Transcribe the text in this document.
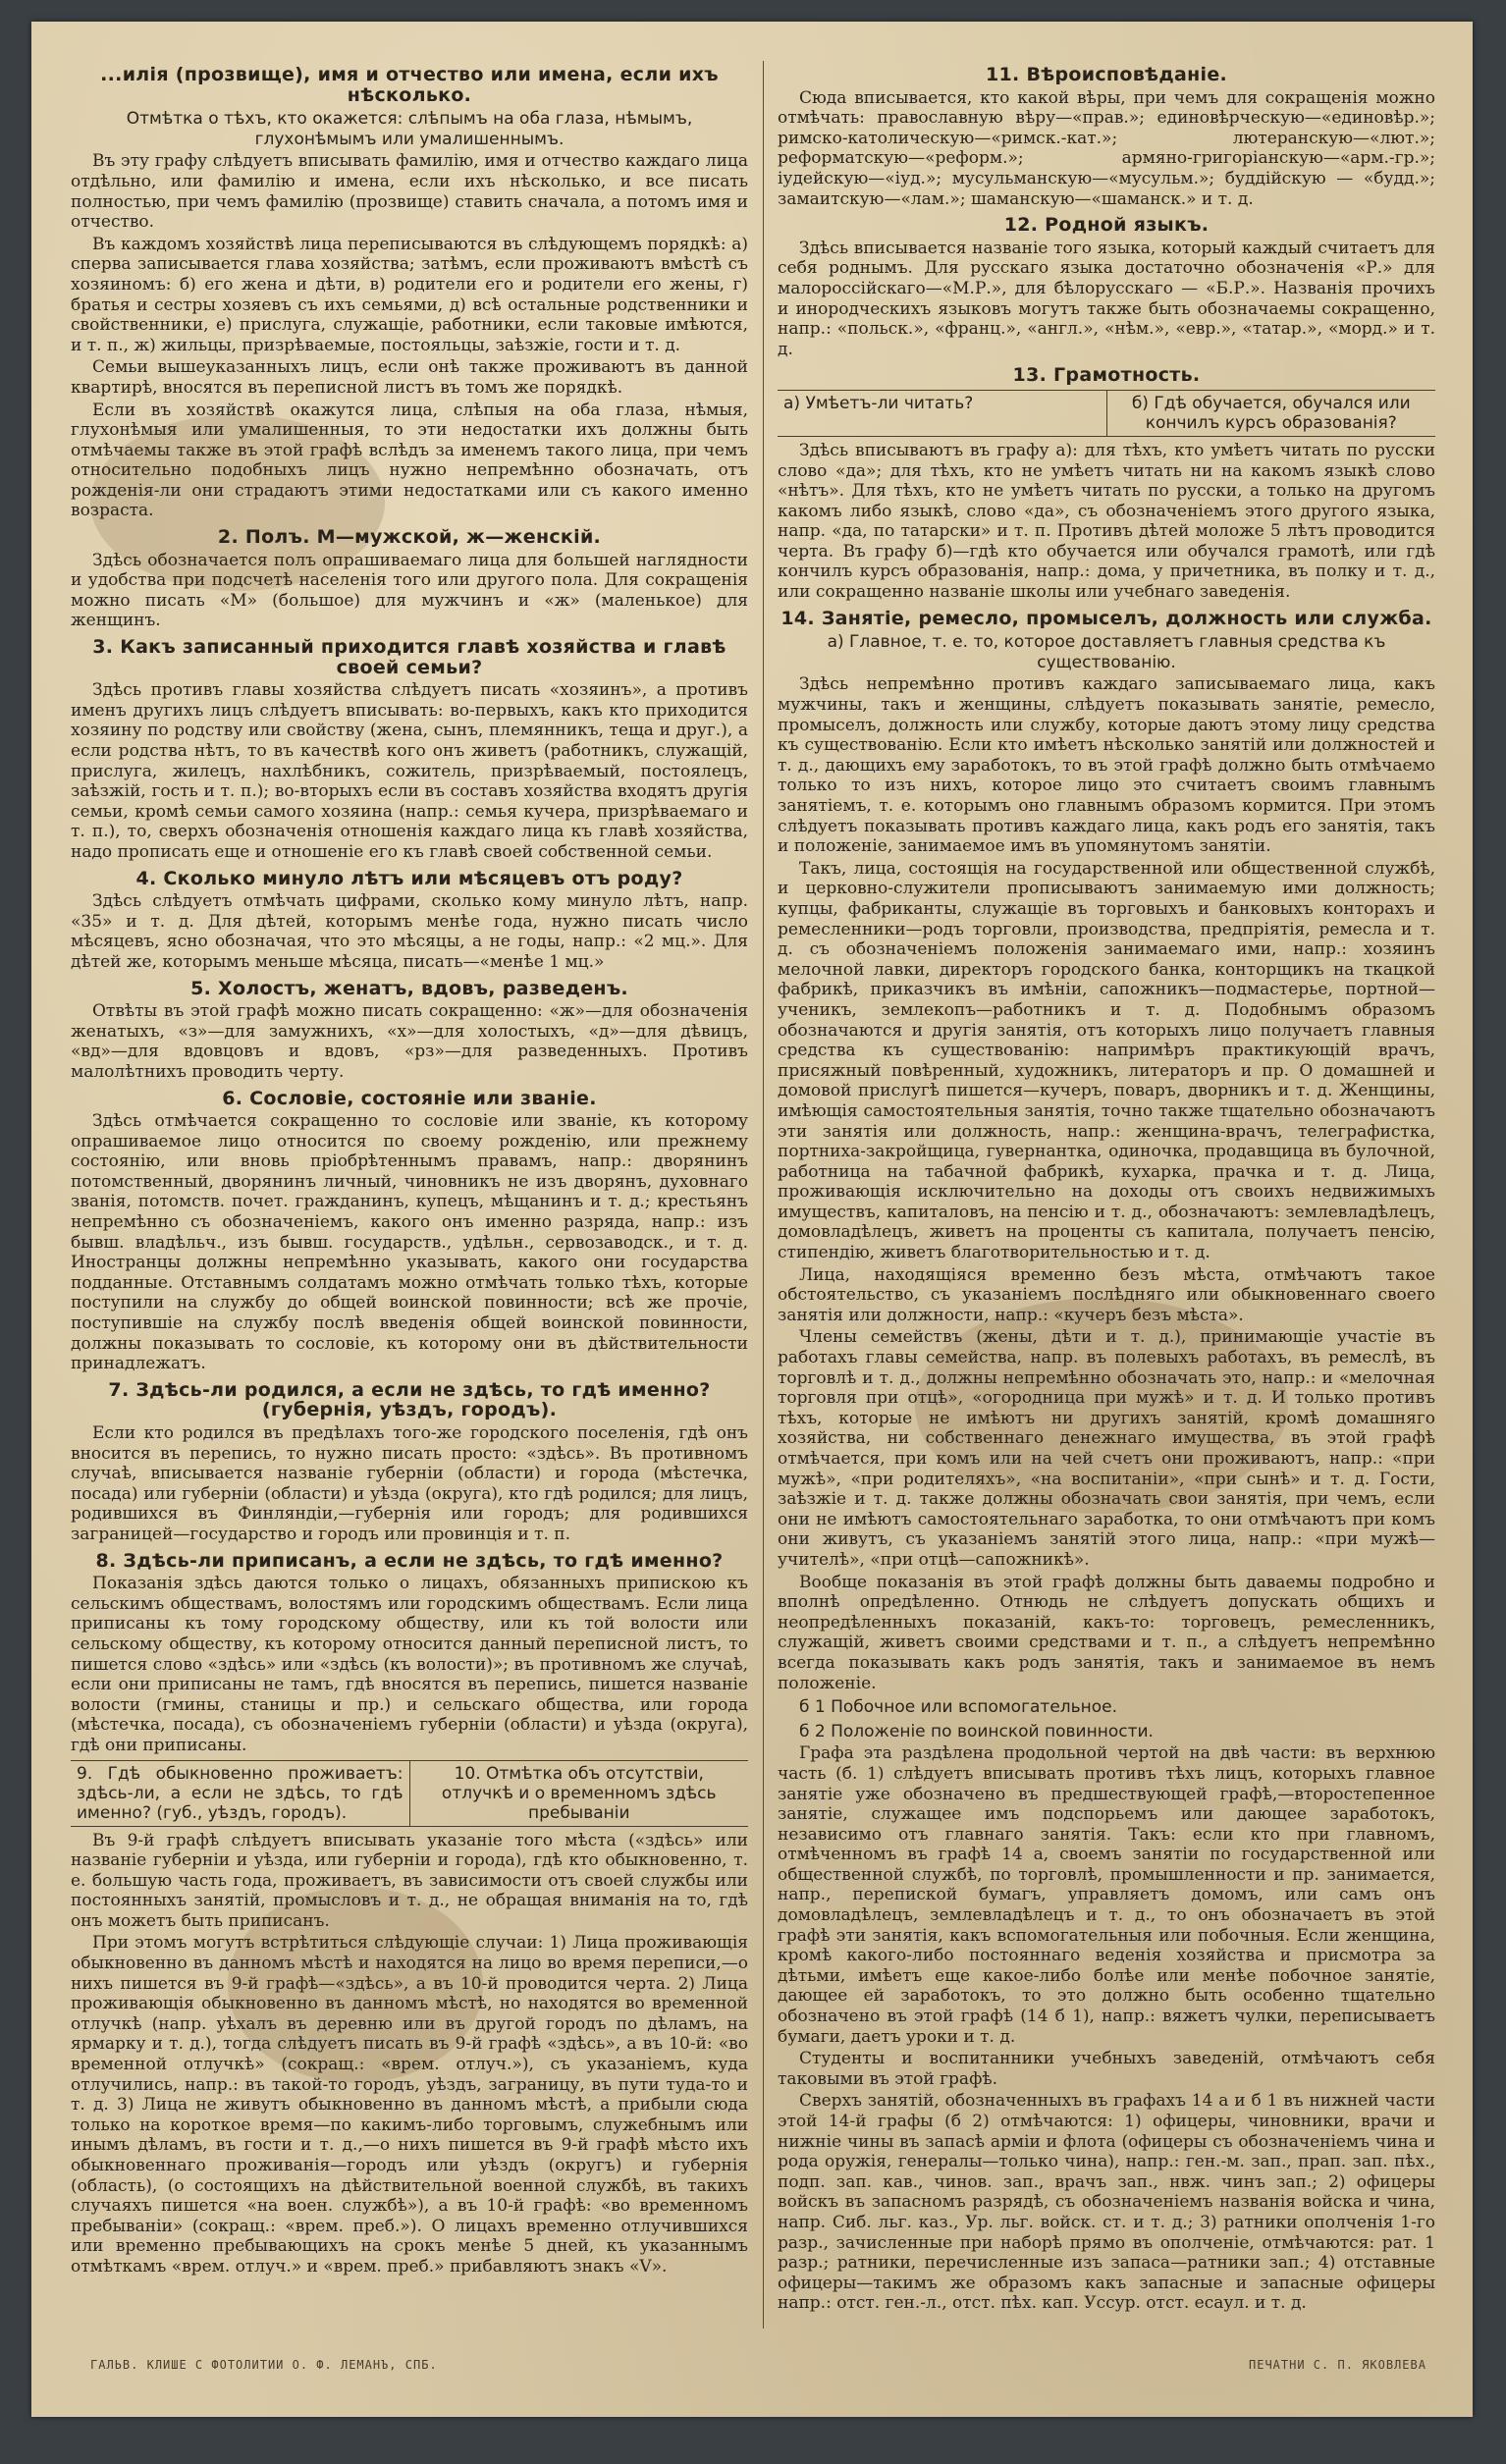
...илія (прозвище), имя и отчество или имена, если ихъ нѣсколько.

Отмѣтка о тѣхъ, кто окажется: слѣпымъ на оба глаза, нѣмымъ, глухонѣмымъ или умалишеннымъ.

Въ эту графу слѣдуетъ вписывать фамилію, имя и отчество каждаго лица отдѣльно, или фамилію и имена, если ихъ нѣсколько, и все писать полностью, при чемъ фамилію (прозвище) ставить сначала, а потомъ имя и отчество.

Въ каждомъ хозяйствѣ лица переписываются въ слѣдующемъ порядкѣ: а) сперва записывается глава хозяйства; затѣмъ, если проживаютъ вмѣстѣ съ хозяиномъ: б) его жена и дѣти, в) родители его и родители его жены, г) братья и сестры хозяевъ съ ихъ семьями, д) всѣ остальные родственники и свойственники, е) прислуга, служащіе, работники, если таковые имѣются, и т. п., ж) жильцы, призрѣваемые, постояльцы, заѣзжіе, гости и т. д.

Семьи вышеуказанныхъ лицъ, если онѣ также проживаютъ въ данной квартирѣ, вносятся въ переписной листъ въ томъ же порядкѣ.

Если въ хозяйствѣ окажутся лица, слѣпыя на оба глаза, нѣмыя, глухонѣмыя или умалишенныя, то эти недостатки ихъ должны быть отмѣчаемы также въ этой графѣ вслѣдъ за именемъ такого лица, при чемъ относительно подобныхъ лицъ нужно непремѣнно обозначать, отъ рожденія-ли они страдаютъ этими недостатками или съ какого именно возраста.

2. Полъ. М—мужской, ж—женскій.

Здѣсь обозначается полъ опрашиваемаго лица для большей наглядности и удобства при подсчетѣ населенія того или другого пола. Для сокращенія можно писать «М» (большое) для мужчинъ и «ж» (маленькое) для женщинъ.

3. Какъ записанный приходится главѣ хозяйства и главѣ своей семьи?

Здѣсь противъ главы хозяйства слѣдуетъ писать «хозяинъ», а противъ именъ другихъ лицъ слѣдуетъ вписывать: во-первыхъ, какъ кто приходится хозяину по родству или свойству (жена, сынъ, племянникъ, теща и друг.), а если родства нѣтъ, то въ качествѣ кого онъ живетъ (работникъ, служащій, прислуга, жилецъ, нахлѣбникъ, сожитель, призрѣваемый, постоялецъ, заѣзжій, гость и т. п.); во-вторыхъ если въ составъ хозяйства входятъ другія семьи, кромѣ семьи самого хозяина (напр.: семья кучера, призрѣваемаго и т. п.), то, сверхъ обозначенія отношенія каждаго лица къ главѣ хозяйства, надо прописать еще и отношеніе его къ главѣ своей собственной семьи.

4. Сколько минуло лѣтъ или мѣсяцевъ отъ роду?

Здѣсь слѣдуетъ отмѣчать цифрами, сколько кому минуло лѣтъ, напр. «35» и т. д. Для дѣтей, которымъ менѣе года, нужно писать число мѣсяцевъ, ясно обозначая, что это мѣсяцы, а не годы, напр.: «2 мц.». Для дѣтей же, которымъ меньше мѣсяца, писать—«менѣе 1 мц.»

5. Холостъ, женатъ, вдовъ, разведенъ.

Отвѣты въ этой графѣ можно писать сокращенно: «ж»—для обозначенія женатыхъ, «з»—для замужнихъ, «х»—для холостыхъ, «д»—для дѣвицъ, «вд»—для вдовцовъ и вдовъ, «рз»—для разведенныхъ. Противъ малолѣтнихъ проводить черту.

6. Сословіе, состояніе или званіе.

Здѣсь отмѣчается сокращенно то сословіе или званіе, къ которому опрашиваемое лицо относится по своему рожденію, или прежнему состоянію, или вновь пріобрѣтеннымъ правамъ, напр.: дворянинъ потомственный, дворянинъ личный, чиновникъ не изъ дворянъ, духовнаго званія, потомств. почет. гражданинъ, купецъ, мѣщанинъ и т. д.; крестьянъ непремѣнно съ обозначеніемъ, какого онъ именно разряда, напр.: изъ бывш. владѣльч., изъ бывш. государств., удѣльн., сервозаводск., и т. д. Иностранцы должны непремѣнно указывать, какого они государства подданные. Отставнымъ солдатамъ можно отмѣчать только тѣхъ, которые поступили на службу до общей воинской повинности; всѣ же прочіе, поступившіе на службу послѣ введенія общей воинской повинности, должны показывать то сословіе, къ которому они въ дѣйствительности принадлежатъ.

7. Здѣсь-ли родился, а если не здѣсь, то гдѣ именно? (губернія, уѣздъ, городъ).

Если кто родился въ предѣлахъ того-же городского поселенія, гдѣ онъ вносится въ перепись, то нужно писать просто: «здѣсь». Въ противномъ случаѣ, вписывается названіе губерніи (области) и города (мѣстечка, посада) или губерніи (области) и уѣзда (округа), кто гдѣ родился; для лицъ, родившихся въ Финляндіи,—губернія или городъ; для родившихся заграницей—государство и городъ или провинція и т. п.

8. Здѣсь-ли приписанъ, а если не здѣсь, то гдѣ именно?

Показанія здѣсь даются только о лицахъ, обязанныхъ припискою къ сельскимъ обществамъ, волостямъ или городскимъ обществамъ. Если лица приписаны къ тому городскому обществу, или къ той волости или сельскому обществу, къ которому относится данный переписной листъ, то пишется слово «здѣсь» или «здѣсь (къ волости)»; въ противномъ же случаѣ, если они приписаны не тамъ, гдѣ вносятся въ перепись, пишется названіе волости (гмины, станицы и пр.) и сельскаго общества, или города (мѣстечка, посада), съ обозначеніемъ губерніи (области) и уѣзда (округа), гдѣ они приписаны.

9. Гдѣ обыкновенно проживаетъ: здѣсь-ли, а если не здѣсь, то гдѣ именно? (губ., уѣздъ, городъ).
10. Отмѣтка объ отсутствіи, отлучкѣ и о временномъ здѣсь пребываніи

Въ 9-й графѣ слѣдуетъ вписывать указаніе того мѣста («здѣсь» или названіе губерніи и уѣзда, или губерніи и города), гдѣ кто обыкновенно, т. е. большую часть года, проживаетъ, въ зависимости отъ своей службы или постоянныхъ занятій, промысловъ и т. д., не обращая вниманія на то, гдѣ онъ можетъ быть приписанъ.

При этомъ могутъ встрѣтиться слѣдующіе случаи: 1) Лица проживающія обыкновенно въ данномъ мѣстѣ и находятся на лицо во время переписи,—о нихъ пишется въ 9-й графѣ—«здѣсь», а въ 10-й проводится черта. 2) Лица проживающія обыкновенно въ данномъ мѣстѣ, но находятся во временной отлучкѣ (напр. уѣхалъ въ деревню или въ другой городъ по дѣламъ, на ярмарку и т. д.), тогда слѣдуетъ писать въ 9-й графѣ «здѣсь», а въ 10-й: «во временной отлучкѣ» (сокращ.: «врем. отлуч.»), съ указаніемъ, куда отлучились, напр.: въ такой-то городъ, уѣздъ, заграницу, въ пути туда-то и т. д. 3) Лица не живутъ обыкновенно въ данномъ мѣстѣ, а прибыли сюда только на короткое время—по какимъ-либо торговымъ, служебнымъ или инымъ дѣламъ, въ гости и т. д.,—о нихъ пишется въ 9-й графѣ мѣсто ихъ обыкновеннаго проживанія—городъ или уѣздъ (округъ) и губернія (область), (о состоящихъ на дѣйствительной военной службѣ, въ такихъ случаяхъ пишется «на воен. службѣ»), а въ 10-й графѣ: «во временномъ пребываніи» (сокращ.: «врем. преб.»). О лицахъ временно отлучившихся или временно пребывающихъ на срокъ менѣе 5 дней, къ указаннымъ отмѣткамъ «врем. отлуч.» и «врем. преб.» прибавляютъ знакъ «V».

11. Вѣроисповѣданіе.

Сюда вписывается, кто какой вѣры, при чемъ для сокращенія можно отмѣчать: православную вѣру—«прав.»; единовѣрческую—«единовѣр.»; римско-католическую—«римск.-кат.»; лютеранскую—«лют.»; реформатскую—«реформ.»; армяно-григоріанскую—«арм.-гр.»; іудейскую—«іуд.»; мусульманскую—«мусульм.»; буддійскую — «будд.»; замаитскую—«лам.»; шаманскую—«шаманск.» и т. д.

12. Родной языкъ.

Здѣсь вписывается названіе того языка, который каждый считаетъ для себя роднымъ. Для русскаго языка достаточно обозначенія «Р.» для малороссійскаго—«М.Р.», для бѣлорусскаго — «Б.Р.». Названія прочихъ и инородческихъ языковъ могутъ также быть обозначаемы сокращенно, напр.: «польск.», «франц.», «англ.», «нѣм.», «евр.», «татар.», «морд.» и т. д.

13. Грамотность.
а) Умѣетъ-ли читать?	б) Гдѣ обучается, обучался или кончилъ курсъ образованія?

Здѣсь вписываютъ въ графу а): для тѣхъ, кто умѣетъ читать по русски слово «да»; для тѣхъ, кто не умѣетъ читать ни на какомъ языкѣ слово «нѣтъ». Для тѣхъ, кто не умѣетъ читать по русски, а только на другомъ какомъ либо языкѣ, слово «да», съ обозначеніемъ этого другого языка, напр. «да, по татарски» и т. п. Противъ дѣтей моложе 5 лѣтъ проводится черта. Въ графу б)—гдѣ кто обучается или обучался грамотѣ, или гдѣ кончилъ курсъ образованія, напр.: дома, у причетника, въ полку и т. д., или сокращенно названіе школы или учебнаго заведенія.

14. Занятіе, ремесло, промыселъ, должность или служба.

а) Главное, т. е. то, которое доставляетъ главныя средства къ существованію.

Здѣсь непремѣнно противъ каждаго записываемаго лица, какъ мужчины, такъ и женщины, слѣдуетъ показывать занятіе, ремесло, промыселъ, должность или службу, которые даютъ этому лицу средства къ существованію. Если кто имѣетъ нѣсколько занятій или должностей и т. д., дающихъ ему заработокъ, то въ этой графѣ должно быть отмѣчаемо только то изъ нихъ, которое лицо это считаетъ своимъ главнымъ занятіемъ, т. е. которымъ оно главнымъ образомъ кормится. При этомъ слѣдуетъ показывать противъ каждаго лица, какъ родъ его занятія, такъ и положеніе, занимаемое имъ въ упомянутомъ занятіи.

Такъ, лица, состоящія на государственной или общественной службѣ, и церковно-служители прописываютъ занимаемую ими должность; купцы, фабриканты, служащіе въ торговыхъ и банковыхъ конторахъ и ремесленники—родъ торговли, производства, предпріятія, ремесла и т. д. съ обозначеніемъ положенія занимаемаго ими, напр.: хозяинъ мелочной лавки, директоръ городского банка, конторщикъ на ткацкой фабрикѣ, приказчикъ въ имѣніи, сапожникъ—подмастерье, портной—ученикъ, землекопъ—работникъ и т. д. Подобнымъ образомъ обозначаются и другія занятія, отъ которыхъ лицо получаетъ главныя средства къ существованію: напримѣръ практикующій врачъ, присяжный повѣренный, художникъ, литераторъ и пр. О домашней и домовой прислугѣ пишется—кучеръ, поваръ, дворникъ и т. д. Женщины, имѣющія самостоятельныя занятія, точно также тщательно обозначаютъ эти занятія или должность, напр.: женщина-врачъ, телеграфистка, портниха-закройщица, гувернантка, одиночка, продавщица въ булочной, работница на табачной фабрикѣ, кухарка, прачка и т. д. Лица, проживающія исключительно на доходы отъ своихъ недвижимыхъ имуществъ, капиталовъ, на пенсію и т. д., обозначаютъ: землевладѣлецъ, домовладѣлецъ, живетъ на проценты съ капитала, получаетъ пенсію, стипендію, живетъ благотворительностью и т. д.

Лица, находящіяся временно безъ мѣста, отмѣчаютъ такое обстоятельство, съ указаніемъ послѣдняго или обыкновеннаго своего занятія или должности, напр.: «кучеръ безъ мѣста».

Члены семействъ (жены, дѣти и т. д.), принимающіе участіе въ работахъ главы семейства, напр. въ полевыхъ работахъ, въ ремеслѣ, въ торговлѣ и т. д., должны непремѣнно обозначать это, напр.: и «мелочная торговля при отцѣ», «огородница при мужѣ» и т. д. И только противъ тѣхъ, которые не имѣютъ ни другихъ занятій, кромѣ домашняго хозяйства, ни собственнаго денежнаго имущества, въ этой графѣ отмѣчается, при комъ или на чей счетъ они проживаютъ, напр.: «при мужѣ», «при родителяхъ», «на воспитаніи», «при сынѣ» и т. д. Гости, заѣзжіе и т. д. также должны обозначать свои занятія, при чемъ, если они не имѣютъ самостоятельнаго заработка, то они отмѣчаютъ при комъ они живутъ, съ указаніемъ занятій этого лица, напр.: «при мужѣ—учителѣ», «при отцѣ—сапожникѣ».

Вообще показанія въ этой графѣ должны быть даваемы подробно и вполнѣ опредѣленно. Отнюдь не слѣдуетъ допускать общихъ и неопредѣленныхъ показаній, какъ-то: торговецъ, ремесленникъ, служащій, живетъ своими средствами и т. п., а слѣдуетъ непремѣнно всегда показывать какъ родъ занятія, такъ и занимаемое въ немъ положеніе.

б 1 Побочное или вспомогательное.

б 2 Положеніе по воинской повинности.

Графа эта раздѣлена продольной чертой на двѣ части: въ верхнюю часть (б. 1) слѣдуетъ вписывать противъ тѣхъ лицъ, которыхъ главное занятіе уже обозначено въ предшествующей графѣ,—второстепенное занятіе, служащее имъ подспорьемъ или дающее заработокъ, независимо отъ главнаго занятія. Такъ: если кто при главномъ, отмѣченномъ въ графѣ 14 а, своемъ занятіи по государственной или общественной службѣ, по торговлѣ, промышленности и пр. занимается, напр., перепиской бумагъ, управляетъ домомъ, или самъ онъ домовладѣлецъ, землевладѣлецъ и т. д., то онъ обозначаетъ въ этой графѣ эти занятія, какъ вспомогательныя или побочныя. Если женщина, кромѣ какого-либо постояннаго веденія хозяйства и присмотра за дѣтьми, имѣетъ еще какое-либо болѣе или менѣе побочное занятіе, дающее ей заработокъ, то это должно быть особенно тщательно обозначено въ этой графѣ (14 б 1), напр.: вяжетъ чулки, переписываетъ бумаги, даетъ уроки и т. д.

Студенты и воспитанники учебныхъ заведеній, отмѣчаютъ себя таковыми въ этой графѣ.

Сверхъ занятій, обозначенныхъ въ графахъ 14 а и б 1 въ нижней части этой 14-й графы (б 2) отмѣчаются: 1) офицеры, чиновники, врачи и нижніе чины въ запасѣ арміи и флота (офицеры съ обозначеніемъ чина и рода оружія, генералы—только чина), напр.: ген.-м. зап., прап. зап. пѣх., подп. зап. кав., чинов. зап., врачъ зап., нвж. чинъ зап.; 2) офицеры войскъ въ запасномъ разрядѣ, съ обозначеніемъ названія войска и чина, напр. Сиб. льг. каз., Ур. льг. войск. ст. и т. д.; 3) ратники ополченія 1-го разр., зачисленные при наборѣ прямо въ ополченіе, отмѣчаются: рат. 1 разр.; ратники, перечисленные изъ запаса—ратники зап.; 4) отставные офицеры—такимъ же образомъ какъ запасные и запасные офицеры напр.: отст. ген.-л., отст. пѣх. кап. Уссур. отст. есаул. и т. д.

ГАЛЬВ. КЛИШЕ С ФОТОЛИТИИ О. Ф. ЛЕМАНЪ, СПБ.	ПЕЧАТНИ С. П. ЯКОВЛЕВА
